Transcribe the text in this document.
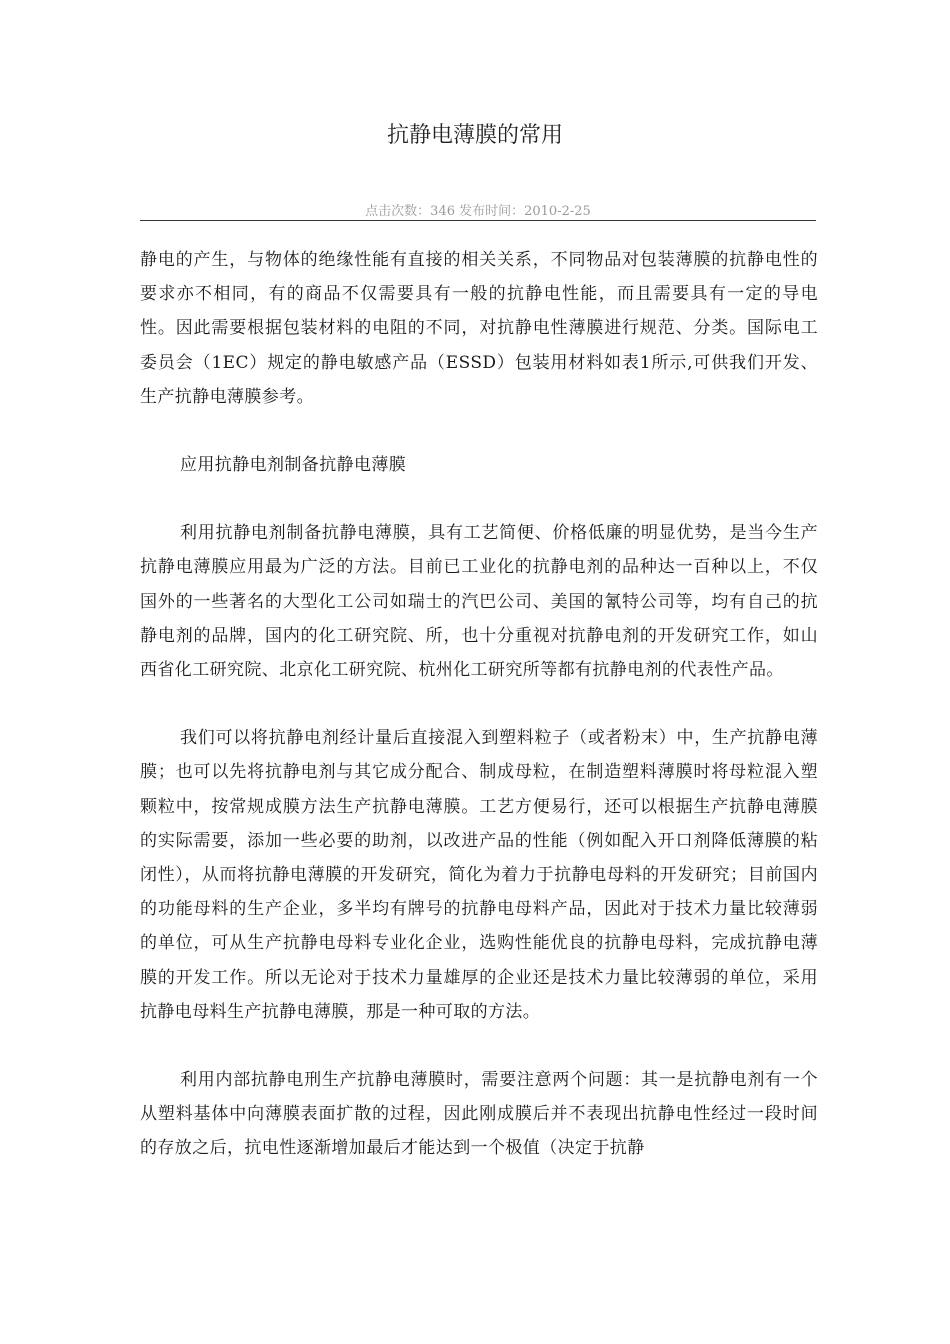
抗静电薄膜的常用
点击次数：346 发布时间：2010-2-25

静电的产生，与物体的绝缘性能有直接的相关关系，不同物品对包装薄膜的抗静电性的要求亦不相同，有的商品不仅需要具有一般的抗静电性能，而且需要具有一定的导电性。因此需要根据包装材料的电阻的不同，对抗静电性薄膜进行规范、分类。国际电工委员会（1EC）规定的静电敏感产品（ESSD）包装用材料如表1所示,可供我们开发、生产抗静电薄膜参考。

应用抗静电剂制备抗静电薄膜

利用抗静电剂制备抗静电薄膜，具有工艺简便、价格低廉的明显优势，是当今生产抗静电薄膜应用最为广泛的方法。目前已工业化的抗静电剂的品种达一百种以上，不仅国外的一些著名的大型化工公司如瑞士的汽巴公司、美国的氰特公司等，均有自己的抗静电剂的品牌，国内的化工研究院、所，也十分重视对抗静电剂的开发研究工作，如山西省化工研究院、北京化工研究院、杭州化工研究所等都有抗静电剂的代表性产品。

我们可以将抗静电剂经计量后直接混入到塑料粒子（或者粉末）中，生产抗静电薄膜；也可以先将抗静电剂与其它成分配合、制成母粒，在制造塑料薄膜时将母粒混入塑颗粒中，按常规成膜方法生产抗静电薄膜。工艺方便易行，还可以根据生产抗静电薄膜的实际需要，添加一些必要的助剂，以改进产品的性能（例如配入开口剂降低薄膜的粘闭性），从而将抗静电薄膜的开发研究，简化为着力于抗静电母料的开发研究；目前国内的功能母料的生产企业，多半均有牌号的抗静电母料产品，因此对于技术力量比较薄弱的单位，可从生产抗静电母料专业化企业，选购性能优良的抗静电母料，完成抗静电薄膜的开发工作。所以无论对于技术力量雄厚的企业还是技术力量比较薄弱的单位，采用抗静电母料生产抗静电薄膜，那是一种可取的方法。

利用内部抗静电刑生产抗静电薄膜时，需要注意两个问题：其一是抗静电剂有一个从塑料基体中向薄膜表面扩散的过程，因此刚成膜后并不表现出抗静电性经过一段时间的存放之后，抗电性逐渐增加最后才能达到一个极值（决定于抗静
